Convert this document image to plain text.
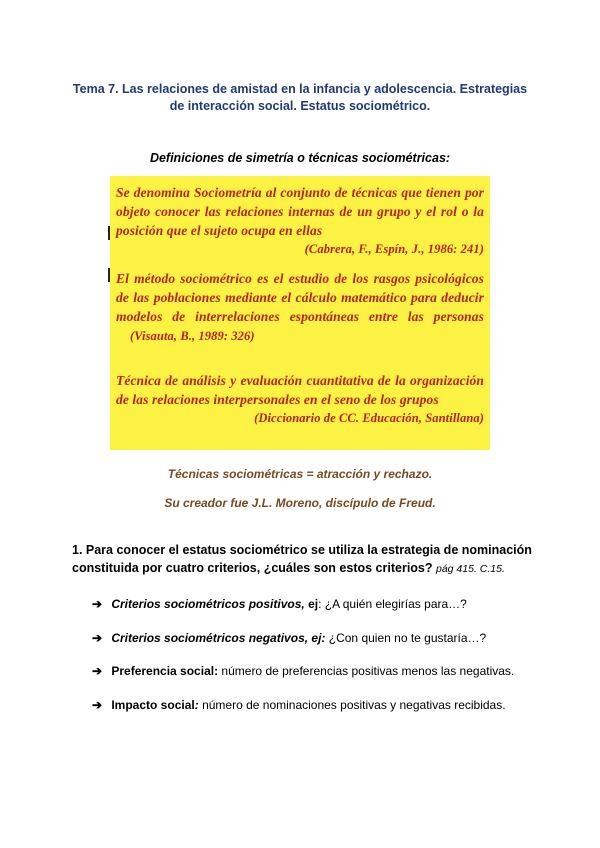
Tema 7. Las relaciones de amistad en la infancia y adolescencia. Estrategias
de interacción social. Estatus sociométrico.
Definiciones de simetría o técnicas sociométricas:
Se denomina Sociometría al conjunto de técnicas que tienen por objeto conocer las relaciones internas de un grupo y el rol o la posición que el sujeto ocupa en ellas
(Cabrera, F., Espín, J., 1986: 241)
El método sociométrico es el estudio de los rasgos psicológicos de las poblaciones mediante el cálculo matemático para deducir modelos de interrelaciones espontáneas entre las personas (Visauta, B., 1989: 326)
Técnica de análisis y evaluación cuantitativa de la organización de las relaciones interpersonales en el seno de los grupos
(Diccionario de CC. Educación, Santillana)
Técnicas sociométricas = atracción y rechazo.
Su creador fue J.L. Moreno, discípulo de Freud.
1. Para conocer el estatus sociométrico se utiliza la estrategia de nominación constituida por cuatro criterios, ¿cuáles son estos criterios? pág 415. C.15.
➔ Criterios sociométricos positivos, ej: ¿A quién elegirías para…?
➔ Criterios sociométricos negativos, ej: ¿Con quien no te gustaría…?
➔ Preferencia social: número de preferencias positivas menos las negativas.
➔ Impacto social: número de nominaciones positivas y negativas recibidas.
